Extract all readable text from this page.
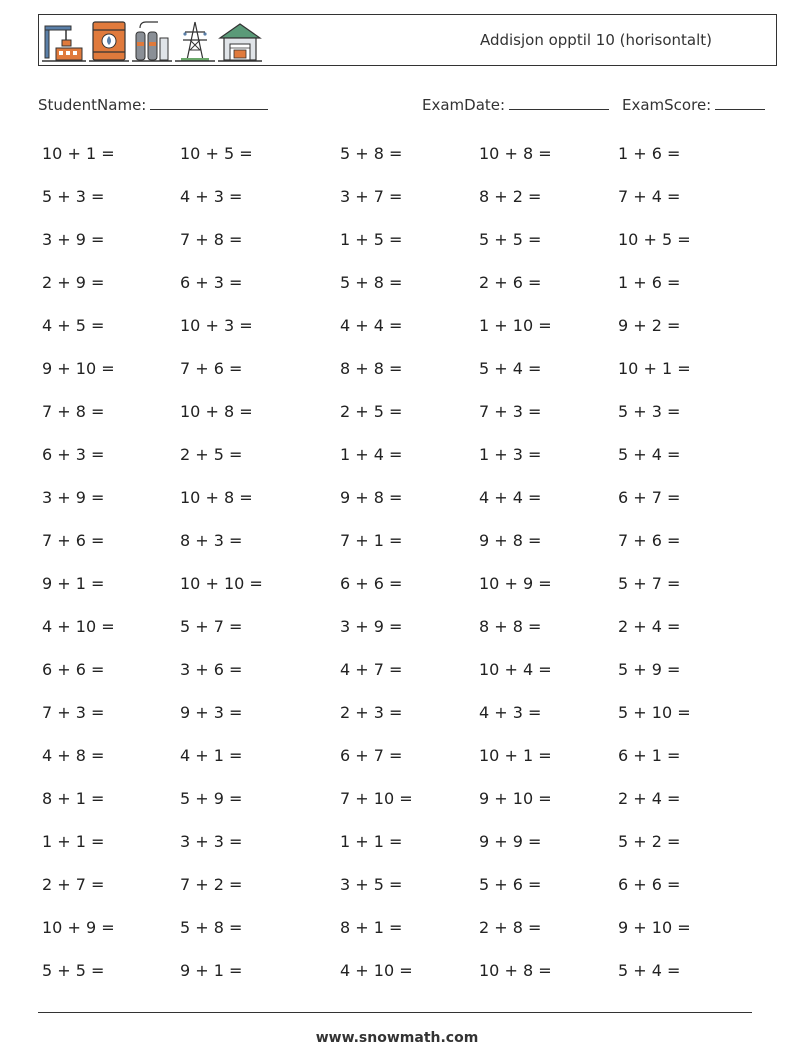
Addisjon opptil 10 (horisontalt)
StudentName:	ExamDate:	ExamScore:
10 + 1 =	10 + 5 =	5 + 8 =	10 + 8 =	1 + 6 =
5 + 3 =	4 + 3 =	3 + 7 =	8 + 2 =	7 + 4 =
3 + 9 =	7 + 8 =	1 + 5 =	5 + 5 =	10 + 5 =
2 + 9 =	6 + 3 =	5 + 8 =	2 + 6 =	1 + 6 =
4 + 5 =	10 + 3 =	4 + 4 =	1 + 10 =	9 + 2 =
9 + 10 =	7 + 6 =	8 + 8 =	5 + 4 =	10 + 1 =
7 + 8 =	10 + 8 =	2 + 5 =	7 + 3 =	5 + 3 =
6 + 3 =	2 + 5 =	1 + 4 =	1 + 3 =	5 + 4 =
3 + 9 =	10 + 8 =	9 + 8 =	4 + 4 =	6 + 7 =
7 + 6 =	8 + 3 =	7 + 1 =	9 + 8 =	7 + 6 =
9 + 1 =	10 + 10 =	6 + 6 =	10 + 9 =	5 + 7 =
4 + 10 =	5 + 7 =	3 + 9 =	8 + 8 =	2 + 4 =
6 + 6 =	3 + 6 =	4 + 7 =	10 + 4 =	5 + 9 =
7 + 3 =	9 + 3 =	2 + 3 =	4 + 3 =	5 + 10 =
4 + 8 =	4 + 1 =	6 + 7 =	10 + 1 =	6 + 1 =
8 + 1 =	5 + 9 =	7 + 10 =	9 + 10 =	2 + 4 =
1 + 1 =	3 + 3 =	1 + 1 =	9 + 9 =	5 + 2 =
2 + 7 =	7 + 2 =	3 + 5 =	5 + 6 =	6 + 6 =
10 + 9 =	5 + 8 =	8 + 1 =	2 + 8 =	9 + 10 =
5 + 5 =	9 + 1 =	4 + 10 =	10 + 8 =	5 + 4 =
www.snowmath.com
